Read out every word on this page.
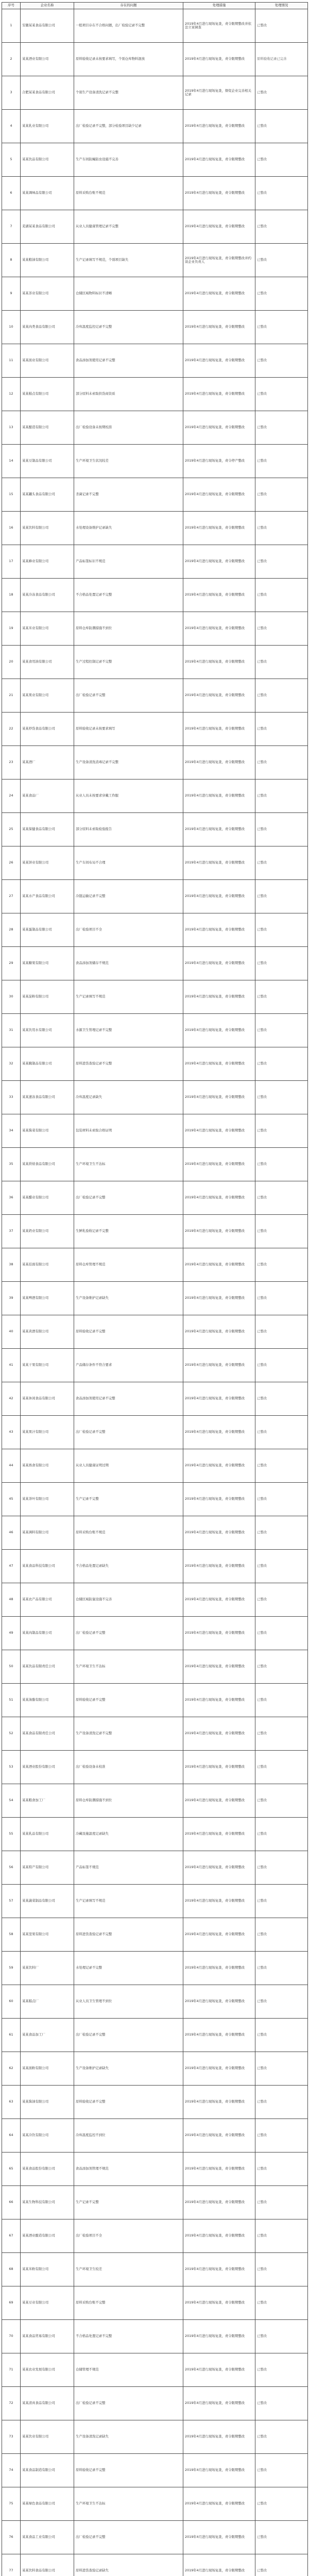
序号	企业名称	存在的问题	处理措施	处理情况
1	安徽某某食品有限公司	一般项目存在不合格问题，出厂检验记录不完整	2019年4月进行现场复查，责令限期整改并依法立案调查	已整改
2	某某酒业有限公司	原料验收记录未按要求填写，个别仓库物料混放	2019年4月进行现场复查，责令限期整改	原料验收记录已完善
3	合肥某某食品有限公司	个别生产设备清洗记录不完整	2019年4月进行现场复查，督促企业完善相关记录	已整改
4	某某乳业有限公司	出厂检验记录不完整，部分检验项目缺少记录	2019年4月进行现场复查，责令限期整改	已整改
5	某某饮品有限公司	生产车间防蝇防虫设施不完善	2019年4月进行现场复查，责令限期整改	已整改
6	某某调味品有限公司	原料采购台账不规范	2019年4月进行现场复查，责令限期整改	已整改
7	芜湖某某食品有限公司	从业人员健康管理记录不完整	2019年4月进行现场复查，责令限期整改	已整改
8	某某粮油有限公司	生产记录填写不规范，个别项目缺失	2019年4月进行现场复查，责令限期整改并约谈企业负责人	已整改
9	某某茶业有限公司	仓储区域物料标识不清晰	2019年4月进行现场复查，责令限期整改	已整改
10	某某肉类食品有限公司	冷库温度监控记录不完整	2019年4月进行现场复查，责令限期整改	已整改
11	某某面业有限公司	食品添加剂使用记录不完整	2019年4月进行现场复查，责令限期整改	已整改
12	某某糕点有限公司	部分原料未索取供货商资质	2019年4月进行现场复查，责令限期整改	已整改
13	某某酿造有限公司	出厂检验设备未按期校准	2019年4月进行现场复查，责令限期整改	已整改
14	某某豆制品有限公司	生产环境卫生状况较差	2019年4月进行现场复查，责令停产整改	已整改
15	某某罐头食品有限公司	杀菌记录不完整	2019年4月进行现场复查，责令限期整改	已整改
16	某某饮料有限公司	水处理设备维护记录缺失	2019年4月进行现场复查，责令限期整改	已整改
17	某某蜂业有限公司	产品标签标识不规范	2019年4月进行现场复查，责令限期整改	已整改
18	某某冷冻食品有限公司	不合格品处置记录不完整	2019年4月进行现场复查，责令限期整改	已整改
19	某某米业有限公司	原料仓库防潮措施不到位	2019年4月进行现场复查，责令限期整改	已整改
20	某某食用油有限公司	生产过程控制记录不完整	2019年4月进行现场复查，责令限期整改	已整改
21	某某果业有限公司	出厂检验记录不完整	2019年4月进行现场复查，责令限期整改	已整改
22	某某炒货食品有限公司	原料验收记录未按要求填写	2019年4月进行现场复查，责令限期整改	已整改
23	某某酒厂	生产设备清洗消毒记录不完整	2019年4月进行现场复查，责令限期整改	已整改
24	某某食品厂	从业人员未按要求穿戴工作服	2019年4月进行现场复查，责令限期整改	已整改
25	某某保健食品有限公司	部分原料未索取检验报告	2019年4月进行现场复查，责令限期整改	已整改
26	某某饼业有限公司	生产车间布局不合理	2019年4月进行现场复查，责令限期整改	已整改
27	某某水产食品有限公司	冷链运输记录不完整	2019年4月进行现场复查，责令限期整改	已整改
28	某某蛋制品有限公司	出厂检验项目不全	2019年4月进行现场复查，责令限期整改	已整改
29	某某糖果有限公司	食品添加剂储存不规范	2019年4月进行现场复查，责令限期整改	已整改
30	某某淀粉有限公司	生产记录填写不规范	2019年4月进行现场复查，责令限期整改	已整改
31	某某饮用水有限公司	水源卫生管理记录不完整	2019年4月进行现场复查，责令限期整改	已整改
32	某某腌制品有限公司	原料进货查验记录不完整	2019年4月进行现场复查，责令限期整改	已整改
33	某某速冻食品有限公司	冷库温度记录缺失	2019年4月进行现场复查，责令限期整改	已整改
34	某某酱菜有限公司	包装材料未索取合格证明	2019年4月进行现场复查，责令限期整改	已整改
35	某某烘焙食品有限公司	生产环境卫生不达标	2019年4月进行现场复查，责令限期整改	已整改
36	某某醋业有限公司	出厂检验记录不完整	2019年4月进行现场复查，责令限期整改	已整改
37	某某奶业有限公司	生鲜乳验收记录不完整	2019年4月进行现场复查，责令限期整改	已整改
38	某某挂面有限公司	原料仓库管理不规范	2019年4月进行现场复查，责令限期整改	已整改
39	某某啤酒有限公司	生产设备维护记录缺失	2019年4月进行现场复查，责令限期整改	已整改
40	某某黄酒有限公司	原料验收记录不完整	2019年4月进行现场复查，责令限期整改	已整改
41	某某干果有限公司	产品储存条件不符合要求	2019年4月进行现场复查，责令限期整改	已整改
42	某某休闲食品有限公司	食品添加剂使用记录不完整	2019年4月进行现场复查，责令限期整改	已整改
43	某某果汁有限公司	出厂检验记录不完整	2019年4月进行现场复查，责令限期整改	已整改
44	某某熟食有限公司	从业人员健康证明过期	2019年4月进行现场复查，责令限期整改	已整改
45	某某茶叶有限公司	生产记录不完整	2019年4月进行现场复查，责令限期整改	已整改
46	某某调料有限公司	原料采购台账不规范	2019年4月进行现场复查，责令限期整改	已整改
47	某某食品科技有限公司	不合格品处置记录缺失	2019年4月进行现场复查，责令限期整改	已整改
48	某某农产品有限公司	仓储区域防鼠设施不完善	2019年4月进行现场复查，责令限期整改	已整改
49	某某肉制品有限公司	出厂检验记录不完整	2019年4月进行现场复查，责令限期整改	已整改
50	某某饮品有限责任公司	生产环境卫生不达标	2019年4月进行现场复查，责令限期整改	已整改
51	某某油脂有限公司	原料验收记录不完整	2019年4月进行现场复查，责令限期整改	已整改
52	某某食品有限责任公司	生产设备清洗记录不完整	2019年4月进行现场复查，责令限期整改	已整改
53	某某酒业股份有限公司	出厂检验设备未校准	2019年4月进行现场复查，责令限期整改	已整改
54	某某粮食加工厂	原料仓库防潮措施不到位	2019年4月进行现场复查，责令限期整改	已整改
55	某某乳品有限公司	冷藏设施温度记录缺失	2019年4月进行现场复查，责令限期整改	已整改
56	某某特产有限公司	产品标签不规范	2019年4月进行现场复查，责令限期整改	已整改
57	某某蔬菜制品有限公司	生产记录填写不规范	2019年4月进行现场复查，责令限期整改	已整改
58	某某坚果有限公司	原料进货查验记录不完整	2019年4月进行现场复查，责令限期整改	已整改
59	某某饮料厂	水处理记录不完整	2019年4月进行现场复查，责令限期整改	已整改
60	某某糕点厂	从业人员卫生管理不到位	2019年4月进行现场复查，责令限期整改	已整改
61	某某食品加工厂	出厂检验记录不完整	2019年4月进行现场复查，责令限期整改	已整改
62	某某面粉有限公司	生产设备维护记录缺失	2019年4月进行现场复查，责令限期整改	已整改
63	某某酱油有限公司	原料验收记录不完整	2019年4月进行现场复查，责令限期整改	已整改
64	某某冷饮有限公司	冷库温度监控不到位	2019年4月进行现场复查，责令限期整改	已整改
65	某某食品股份有限公司	食品添加剂管理不规范	2019年4月进行现场复查，责令限期整改	已整改
66	某某生物科技有限公司	生产记录不完整	2019年4月进行现场复查，责令限期整改	已整改
67	某某酒业酿造有限公司	出厂检验项目不全	2019年4月进行现场复查，责令限期整改	已整改
68	某某米粉有限公司	生产环境卫生较差	2019年4月进行现场复查，责令限期整改	已整改
69	某某豆业有限公司	原料采购台账不完整	2019年4月进行现场复查，责令限期整改	已整改
70	某某食品贸易有限公司	不合格品处置记录不完整	2019年4月进行现场复查，责令限期整改	已整改
71	某某农业发展有限公司	仓储管理不规范	2019年4月进行现场复查，责令限期整改	已整改
72	某某清真食品有限公司	出厂检验记录不完整	2019年4月进行现场复查，责令限期整改	已整改
73	某某饮业有限公司	生产设备清洗记录缺失	2019年4月进行现场复查，责令限期整改	已整改
74	某某食品制造有限公司	原料验收记录不完整	2019年4月进行现场复查，责令限期整改	已整改
75	某某绿色食品有限公司	生产环境卫生不达标	2019年4月进行现场复查，责令限期整改	已整改
76	某某食品工业有限公司	出厂检验记录不完整	2019年4月进行现场复查，责令限期整改	已整改
77	某某饮料食品有限公司	原料进货查验记录缺失	2019年4月进行现场复查，责令限期整改	已整改
